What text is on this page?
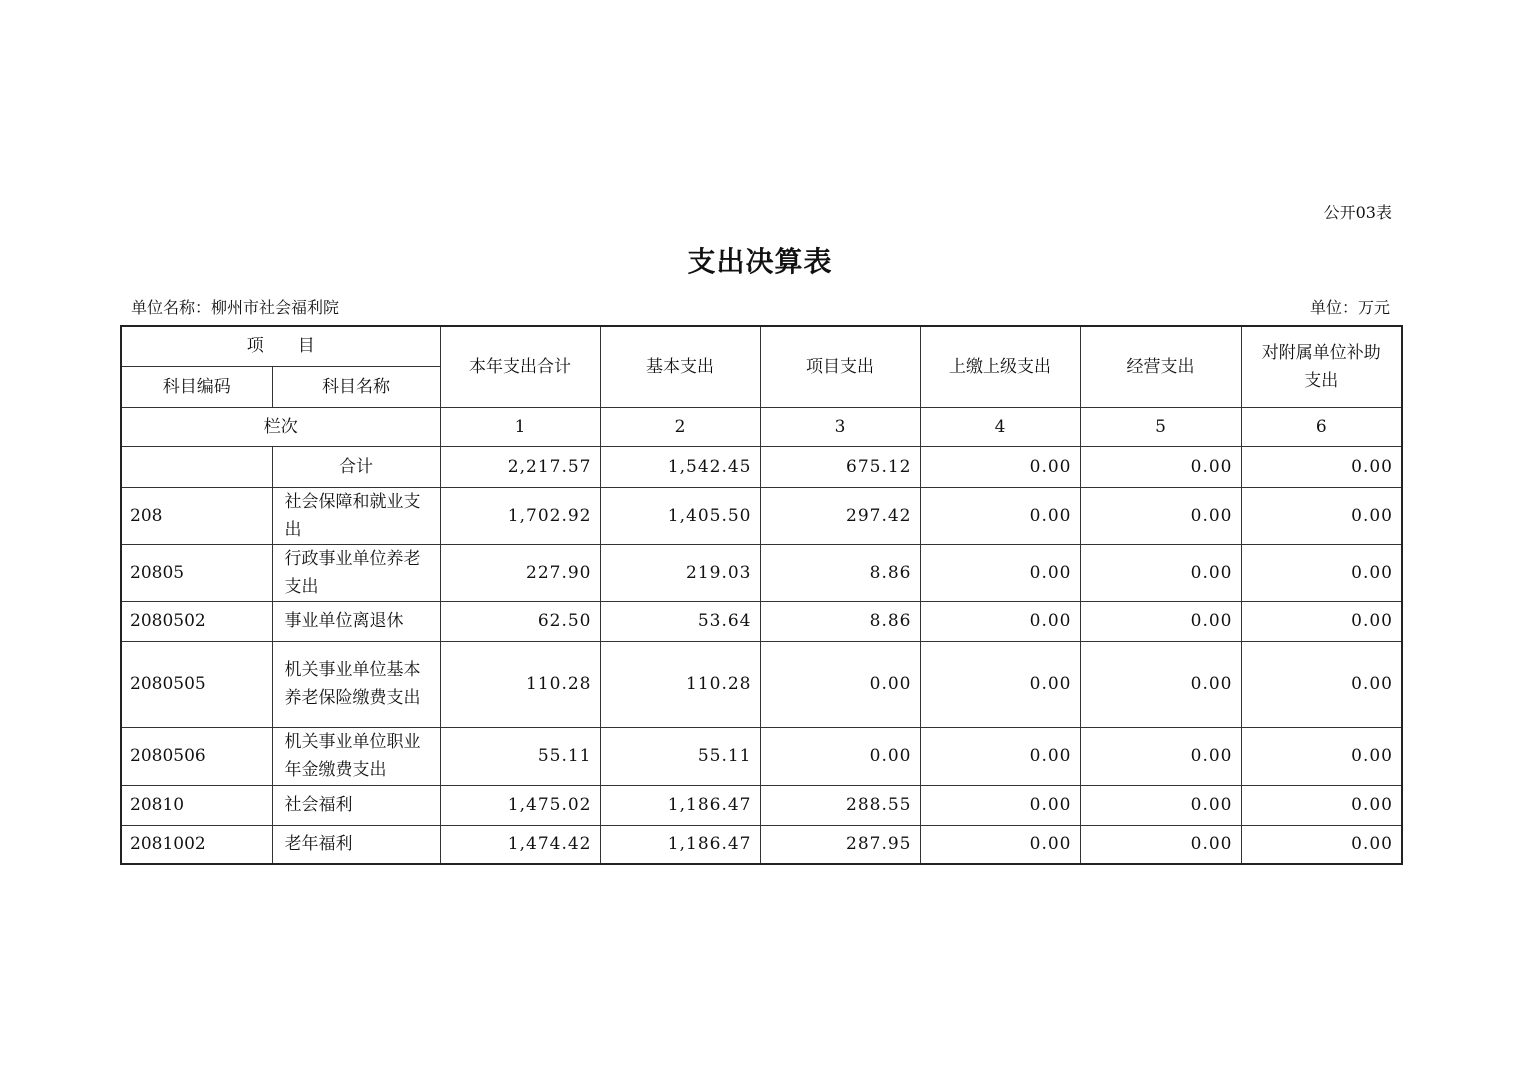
公开03表
支出决算表
单位名称：柳州市社会福利院	单位：万元
项　　目		本年支出合计	基本支出	项目支出	上缴上级支出	经营支出	对附属单位补助支出
科目编码	科目名称						
栏次		1	2	3	4	5	6
	合计	2,217.57	1,542.45	675.12	0.00	0.00	0.00
208	社会保障和就业支出	1,702.92	1,405.50	297.42	0.00	0.00	0.00
20805	行政事业单位养老支出	227.90	219.03	8.86	0.00	0.00	0.00
2080502	事业单位离退休	62.50	53.64	8.86	0.00	0.00	0.00
2080505	机关事业单位基本养老保险缴费支出	110.28	110.28	0.00	0.00	0.00	0.00
2080506	机关事业单位职业年金缴费支出	55.11	55.11	0.00	0.00	0.00	0.00
20810	社会福利	1,475.02	1,186.47	288.55	0.00	0.00	0.00
2081002	老年福利	1,474.42	1,186.47	287.95	0.00	0.00	0.00
